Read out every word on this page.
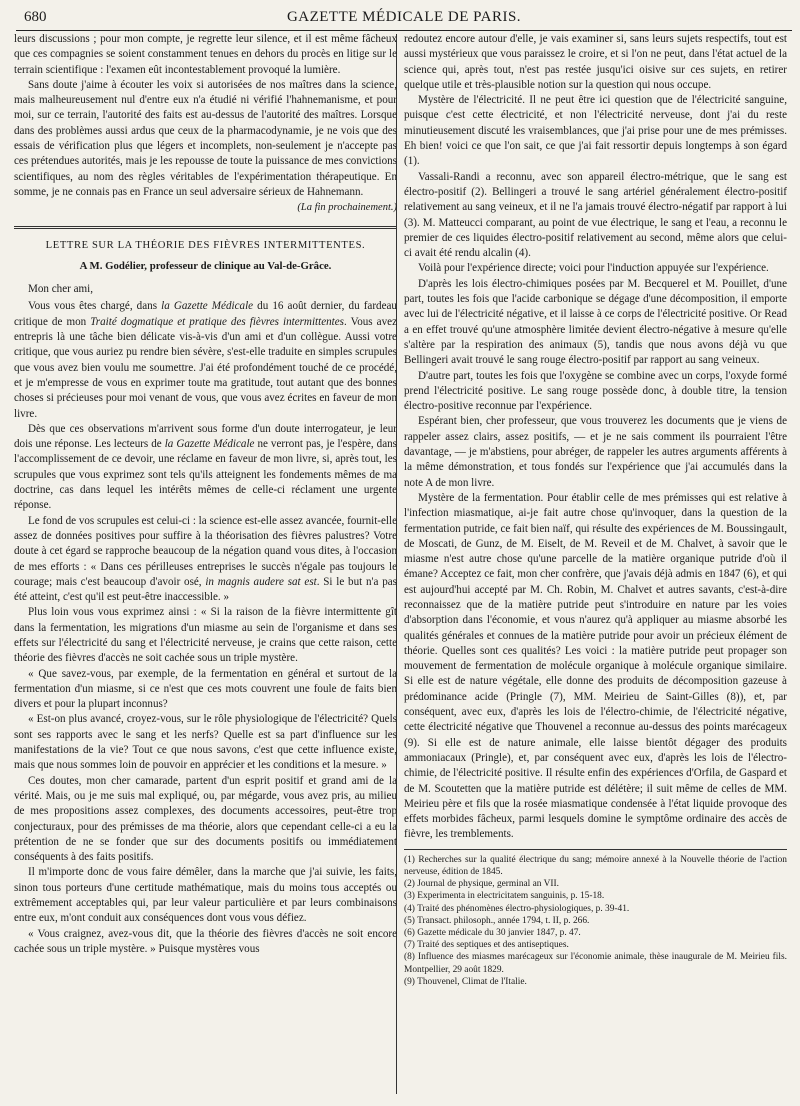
680	GAZETTE MÉDICALE DE PARIS.

leurs discussions ; pour mon compte, je regrette leur silence, et il est même fâcheux que ces compagnies se soient constamment tenues en dehors du procès en litige sur le terrain scientifique : l'examen eût incontestablement provoqué la lumière.

Sans doute j'aime à écouter les voix si autorisées de nos maîtres dans la science, mais malheureusement nul d'entre eux n'a étudié ni vérifié l'hahnemanisme, et pour moi, sur ce terrain, l'autorité des faits est au-dessus de l'autorité des maîtres. Lorsque dans des problèmes aussi ardus que ceux de la pharmacodynamie, je ne vois que des essais de vérification plus que légers et incomplets, non-seulement je n'accepte pas ces prétendues autorités, mais je les repousse de toute la puissance de mes convictions scientifiques, au nom des règles véritables de l'expérimentation thérapeutique. En somme, je ne connais pas en France un seul adversaire sérieux de Hahnemann.

(La fin prochainement.)

LETTRE SUR LA THÉORIE DES FIÈVRES INTERMITTENTES.
A M. Godélier, professeur de clinique au Val-de-Grâce.

Mon cher ami,

Vous vous êtes chargé, dans la Gazette Médicale du 16 août dernier, du fardeau critique de mon Traité dogmatique et pratique des fièvres intermittentes. Vous avez entrepris là une tâche bien délicate vis-à-vis d'un ami et d'un collègue. Aussi votre critique, que vous auriez pu rendre bien sévère, s'est-elle traduite en simples scrupules que vous avez bien voulu me soumettre. J'ai été profondément touché de ce procédé, et je m'empresse de vous en exprimer toute ma gratitude, tout autant que des bonnes choses si précieuses pour moi venant de vous, que vous avez écrites en faveur de mon livre.

Dès que ces observations m'arrivent sous forme d'un doute interrogateur, je leur dois une réponse. Les lecteurs de la Gazette Médicale ne verront pas, je l'espère, dans l'accomplissement de ce devoir, une réclame en faveur de mon livre, si, après tout, les scrupules que vous exprimez sont tels qu'ils atteignent les fondements mêmes de ma doctrine, cas dans lequel les intérêts mêmes de celle-ci réclament une urgente réponse.

Le fond de vos scrupules est celui-ci : la science est-elle assez avancée, fournit-elle assez de données positives pour suffire à la théorisation des fièvres palustres? Votre doute à cet égard se rapproche beaucoup de la négation quand vous dites, à l'occasion de mes efforts : « Dans ces périlleuses entreprises le succès n'égale pas toujours le courage; mais c'est beaucoup d'avoir osé, in magnis audere sat est. Si le but n'a pas été atteint, c'est qu'il est peut-être inaccessible. »

Plus loin vous vous exprimez ainsi : « Si la raison de la fièvre intermittente gît dans la fermentation, les migrations d'un miasme au sein de l'organisme et dans ses effets sur l'électricité du sang et l'électricité nerveuse, je crains que cette raison, cette théorie des fièvres d'accès ne soit cachée sous un triple mystère.

« Que savez-vous, par exemple, de la fermentation en général et surtout de la fermentation d'un miasme, si ce n'est que ces mots couvrent une foule de faits bien divers et pour la plupart inconnus?

« Est-on plus avancé, croyez-vous, sur le rôle physiologique de l'électricité? Quels sont ses rapports avec le sang et les nerfs? Quelle est sa part d'influence sur les manifestations de la vie? Tout ce que nous savons, c'est que cette influence existe, mais que nous sommes loin de pouvoir en apprécier et les conditions et la mesure. »

Ces doutes, mon cher camarade, partent d'un esprit positif et grand ami de la vérité. Mais, ou je me suis mal expliqué, ou, par mégarde, vous avez pris, au milieu de mes propositions assez complexes, des documents accessoires, peut-être trop conjecturaux, pour des prémisses de ma théorie, alors que cependant celle-ci a eu la prétention de ne se fonder que sur des documents positifs ou immédiatement conséquents à des faits positifs.

Il m'importe donc de vous faire démêler, dans la marche que j'ai suivie, les faits, sinon tous porteurs d'une certitude mathématique, mais du moins tous acceptés ou extrêmement acceptables qui, par leur valeur particulière et par leurs combinaisons entre eux, m'ont conduit aux conséquences dont vous vous défiez.

« Vous craignez, avez-vous dit, que la théorie des fièvres d'accès ne soit encore cachée sous un triple mystère. » Puisque mystères vous

redoutez encore autour d'elle, je vais examiner si, sans leurs sujets respectifs, tout est aussi mystérieux que vous paraissez le croire, et si l'on ne peut, dans l'état actuel de la science qui, après tout, n'est pas restée jusqu'ici oisive sur ces sujets, en retirer quelque utile et très-plausible notion sur la question qui nous occupe.

Mystère de l'électricité. Il ne peut être ici question que de l'électricité sanguine, puisque c'est cette électricité, et non l'électricité nerveuse, dont j'ai du reste minutieusement discuté les vraisemblances, que j'ai prise pour une de mes prémisses. Eh bien! voici ce que l'on sait, ce que j'ai fait ressortir depuis longtemps à son égard (1).

Vassali-Randi a reconnu, avec son appareil électro-métrique, que le sang est électro-positif (2). Bellingeri a trouvé le sang artériel généralement électro-positif relativement au sang veineux, et il ne l'a jamais trouvé électro-négatif par rapport à lui (3). M. Matteucci comparant, au point de vue électrique, le sang et l'eau, a reconnu le premier de ces liquides électro-positif relativement au second, même alors que celui-ci avait été rendu alcalin (4).

Voilà pour l'expérience directe; voici pour l'induction appuyée sur l'expérience.

D'après les lois électro-chimiques posées par M. Becquerel et M. Pouillet, d'une part, toutes les fois que l'acide carbonique se dégage d'une décomposition, il emporte avec lui de l'électricité négative, et il laisse à ce corps de l'électricité positive. Or Read a en effet trouvé qu'une atmosphère limitée devient électro-négative à mesure qu'elle s'altère par la respiration des animaux (5), tandis que nous avons déjà vu que Bellingeri avait trouvé le sang rouge électro-positif par rapport au sang veineux.

D'autre part, toutes les fois que l'oxygène se combine avec un corps, l'oxyde formé prend l'électricité positive. Le sang rouge possède donc, à double titre, la tension électro-positive reconnue par l'expérience.

Espérant bien, cher professeur, que vous trouverez les documents que je viens de rappeler assez clairs, assez positifs, — et je ne sais comment ils pourraient l'être davantage, — je m'abstiens, pour abréger, de rappeler les autres arguments afférents à la même démonstration, et tous fondés sur l'expérience que j'ai accumulés dans la note A de mon livre.

Mystère de la fermentation. Pour établir celle de mes prémisses qui est relative à l'infection miasmatique, ai-je fait autre chose qu'invoquer, dans la question de la fermentation putride, ce fait bien naïf, qui résulte des expériences de M. Boussingault, de Moscati, de Gunz, de M. Eiselt, de M. Reveil et de M. Chalvet, à savoir que le miasme n'est autre chose qu'une parcelle de la matière organique putride d'où il émane? Acceptez ce fait, mon cher confrère, que j'avais déjà admis en 1847 (6), et qui est aujourd'hui accepté par M. Ch. Robin, M. Chalvet et autres savants, c'est-à-dire reconnaissez que de la matière putride peut s'introduire en nature par les voies d'absorption dans l'économie, et vous n'aurez qu'à appliquer au miasme absorbé les qualités générales et connues de la matière putride pour avoir un précieux élément de théorie. Quelles sont ces qualités? Les voici : la matière putride peut propager son mouvement de fermentation de molécule organique à molécule organique similaire. Si elle est de nature végétale, elle donne des produits de décomposition gazeuse à prédominance acide (Pringle (7), MM. Meirieu de Saint-Gilles (8)), et, par conséquent, avec eux, d'après les lois de l'électro-chimie, de l'électricité négative, cette électricité négative que Thouvenel a reconnue au-dessus des points marécageux (9). Si elle est de nature animale, elle laisse bientôt dégager des produits ammoniacaux (Pringle), et, par conséquent avec eux, d'après les lois de l'électro-chimie, de l'électricité positive. Il résulte enfin des expériences d'Orfila, de Gaspard et de M. Scoutetten que la matière putride est délétère; il suit même de celles de MM. Meirieu père et fils que la rosée miasmatique condensée à l'état liquide provoque des effets morbides fâcheux, parmi lesquels domine le symptôme ordinaire des accès de fièvre, les tremblements.

(1) Recherches sur la qualité électrique du sang; mémoire annexé à la Nouvelle théorie de l'action nerveuse, édition de 1845.
(2) Journal de physique, germinal an VII.
(3) Experimenta in electricitatem sanguinis, p. 15-18.
(4) Traité des phénomènes électro-physiologiques, p. 39-41.
(5) Transact. philosoph., année 1794, t. II, p. 266.
(6) Gazette médicale du 30 janvier 1847, p. 47.
(7) Traité des septiques et des antiseptiques.
(8) Influence des miasmes marécageux sur l'économie animale, thèse inaugurale de M. Meirieu fils. Montpellier, 29 août 1829.
(9) Thouvenel, Climat de l'Italie.
